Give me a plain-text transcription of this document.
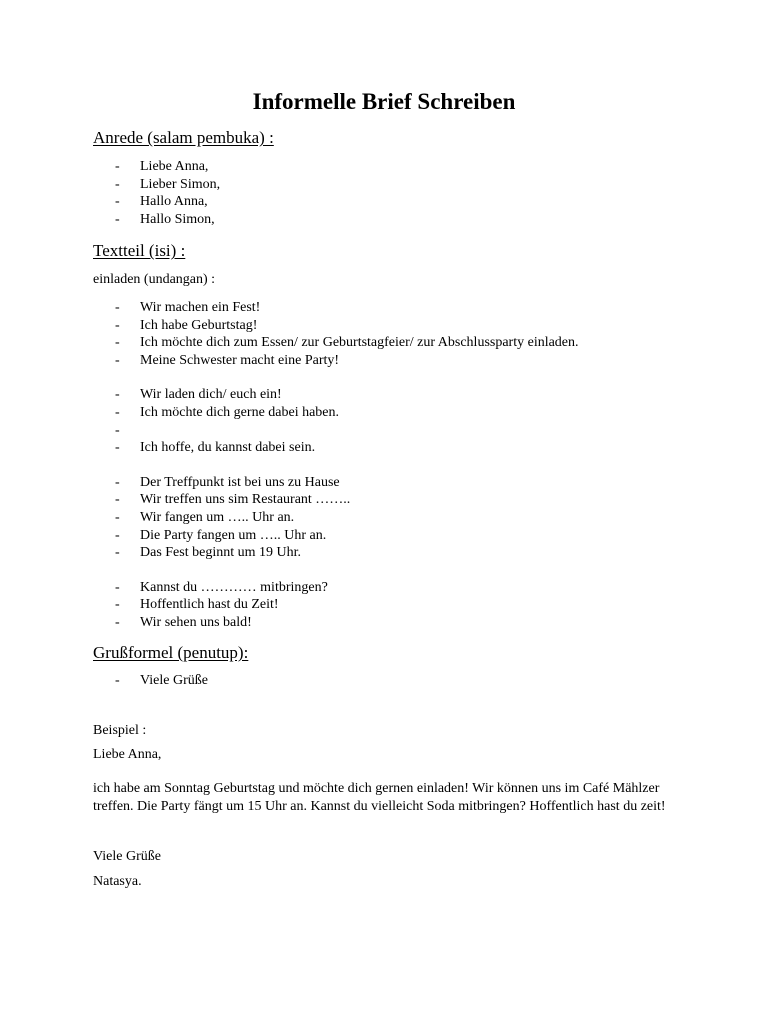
Informelle Brief Schreiben
Anrede (salam pembuka) :
- Liebe Anna,
- Lieber Simon,
- Hallo Anna,
- Hallo Simon,
Textteil (isi) :
einladen (undangan) :
- Wir machen ein Fest!
- Ich habe Geburtstag!
- Ich möchte dich zum Essen/ zur Geburtstagfeier/ zur Abschlussparty einladen.
- Meine Schwester macht eine Party!
- Wir laden dich/ euch ein!
- Ich möchte dich gerne dabei haben.
-
- Ich hoffe, du kannst dabei sein.
- Der Treffpunkt ist bei uns zu Hause
- Wir treffen uns sim Restaurant ……..
- Wir fangen um ….. Uhr an.
- Die Party fangen um ….. Uhr an.
- Das Fest beginnt um 19 Uhr.
- Kannst du ………… mitbringen?
- Hoffentlich hast du Zeit!
- Wir sehen uns bald!
Grußformel (penutup):
- Viele Grüße
Beispiel :
Liebe Anna,
ich habe am Sonntag Geburtstag und möchte dich gernen einladen! Wir können uns im Café Mählzer treffen. Die Party fängt um 15 Uhr an. Kannst du vielleicht Soda mitbringen? Hoffentlich hast du zeit!
Viele Grüße
Natasya.
